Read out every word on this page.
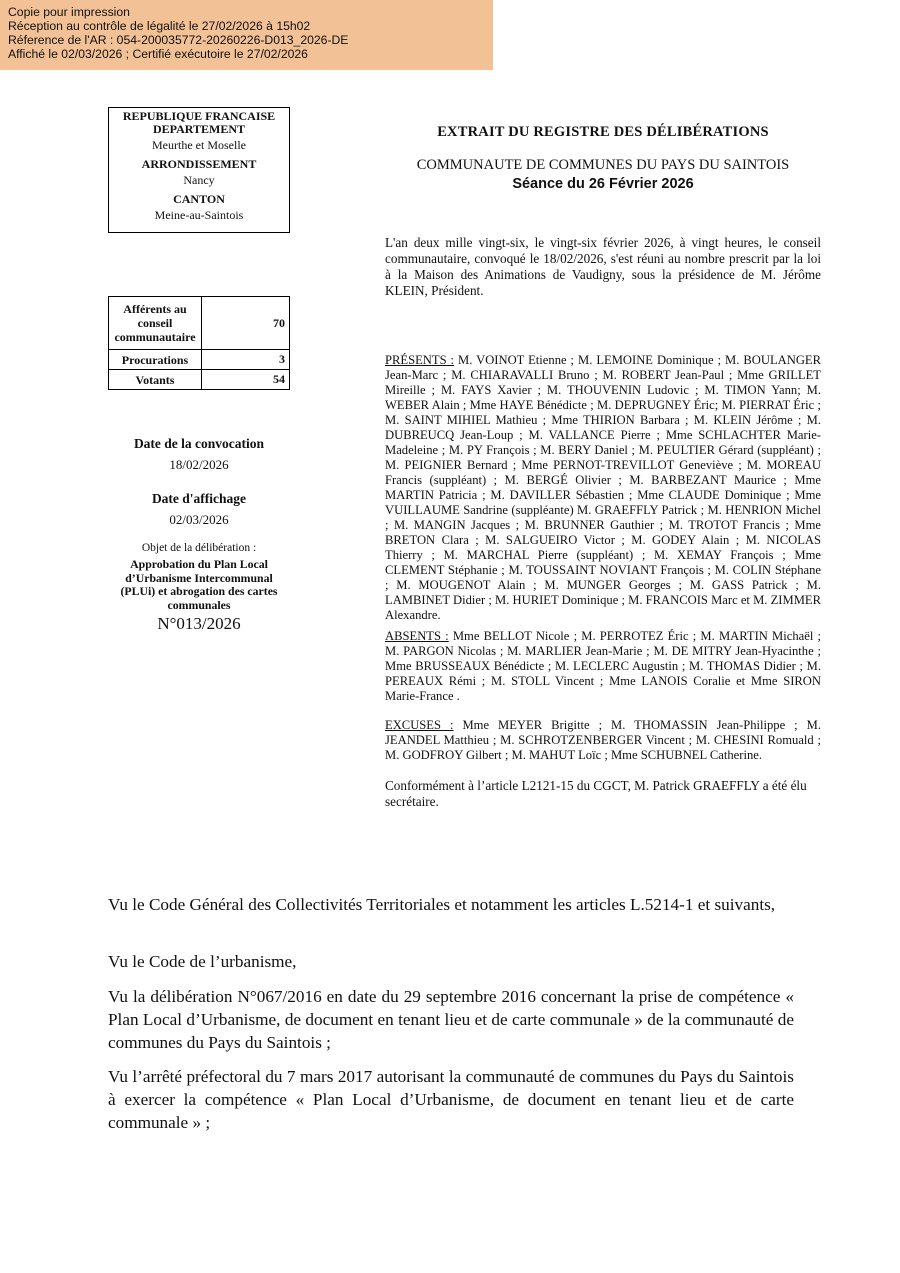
Copie pour impression
Réception au contrôle de légalité le 27/02/2026 à 15h02
Réference de l'AR : 054-200035772-20260226-D013_2026-DE
Affiché le 02/03/2026 ; Certifié exécutoire le 27/02/2026
REPUBLIQUE FRANCAISE
DEPARTEMENT
Meurthe et Moselle
ARRONDISSEMENT
Nancy
CANTON
Meine-au-Saintois
Afférents au conseil communautaire	70
Procurations	3
Votants	54
Date de la convocation
18/02/2026
Date d'affichage
02/03/2026
Objet de la délibération :
Approbation du Plan Local d’Urbanisme Intercommunal (PLUi) et abrogation des cartes communales
N°013/2026
EXTRAIT DU REGISTRE DES DÉLIBÉRATIONS
COMMUNAUTE DE COMMUNES DU PAYS DU SAINTOIS
Séance du 26 Février 2026
L'an deux mille vingt-six, le vingt-six février 2026, à vingt heures, le conseil communautaire, convoqué le 18/02/2026, s'est réuni au nombre prescrit par la loi à la Maison des Animations de Vaudigny, sous la présidence de M. Jérôme KLEIN, Président.
PRÉSENTS : M. VOINOT Etienne ; M. LEMOINE Dominique ; M. BOULANGER Jean-Marc ; M. CHIARAVALLI Bruno ; M. ROBERT Jean-Paul ; Mme GRILLET Mireille ; M. FAYS Xavier ; M. THOUVENIN Ludovic ; M. TIMON Yann; M. WEBER Alain ; Mme HAYE Bénédicte ; M. DEPRUGNEY Éric; M. PIERRAT Éric ; M. SAINT MIHIEL Mathieu ; Mme THIRION Barbara ; M. KLEIN Jérôme ; M. DUBREUCQ Jean-Loup ; M. VALLANCE Pierre ; Mme SCHLACHTER Marie-Madeleine ; M. PY François ; M. BERY Daniel ; M. PEULTIER Gérard (suppléant) ; M. PEIGNIER Bernard ; Mme PERNOT-TREVILLOT Geneviève ; M. MOREAU Francis (suppléant) ; M. BERGÉ Olivier ; M. BARBEZANT Maurice ; Mme MARTIN Patricia ; M. DAVILLER Sébastien ; Mme CLAUDE Dominique ; Mme VUILLAUME Sandrine (suppléante) M. GRAEFFLY Patrick ; M. HENRION Michel ; M. MANGIN Jacques ; M. BRUNNER Gauthier ; M. TROTOT Francis ; Mme BRETON Clara ; M. SALGUEIRO Victor ; M. GODEY Alain ; M. NICOLAS Thierry ; M. MARCHAL Pierre (suppléant) ; M. XEMAY François ; Mme CLEMENT Stéphanie ; M. TOUSSAINT NOVIANT François ; M. COLIN Stéphane ; M. MOUGENOT Alain ; M. MUNGER Georges ; M. GASS Patrick ; M. LAMBINET Didier ; M. HURIET Dominique ; M. FRANCOIS Marc et M. ZIMMER Alexandre.
ABSENTS : Mme BELLOT Nicole ; M. PERROTEZ Éric ; M. MARTIN Michaël ; M. PARGON Nicolas ; M. MARLIER Jean-Marie ; M. DE MITRY Jean-Hyacinthe ; Mme BRUSSEAUX Bénédicte ; M. LECLERC Augustin ; M. THOMAS Didier ; M. PEREAUX Rémi ; M. STOLL Vincent ; Mme LANOIS Coralie et Mme SIRON Marie-France .
EXCUSES : Mme MEYER Brigitte ; M. THOMASSIN Jean-Philippe ; M. JEANDEL Matthieu ; M. SCHROTZENBERGER Vincent ; M. CHESINI Romuald ; M. GODFROY Gilbert ; M. MAHUT Loïc ; Mme SCHUBNEL Catherine.
Conformément à l’article L2121-15 du CGCT, M. Patrick GRAEFFLY a été élu secrétaire.
Vu le Code Général des Collectivités Territoriales et notamment les articles L.5214-1 et suivants,
Vu le Code de l’urbanisme,
Vu la délibération N°067/2016 en date du 29 septembre 2016 concernant la prise de compétence « Plan Local d’Urbanisme, de document en tenant lieu et de carte communale » de la communauté de communes du Pays du Saintois ;
Vu l’arrêté préfectoral du 7 mars 2017 autorisant la communauté de communes du Pays du Saintois à exercer la compétence « Plan Local d’Urbanisme, de document en tenant lieu et de carte communale » ;
